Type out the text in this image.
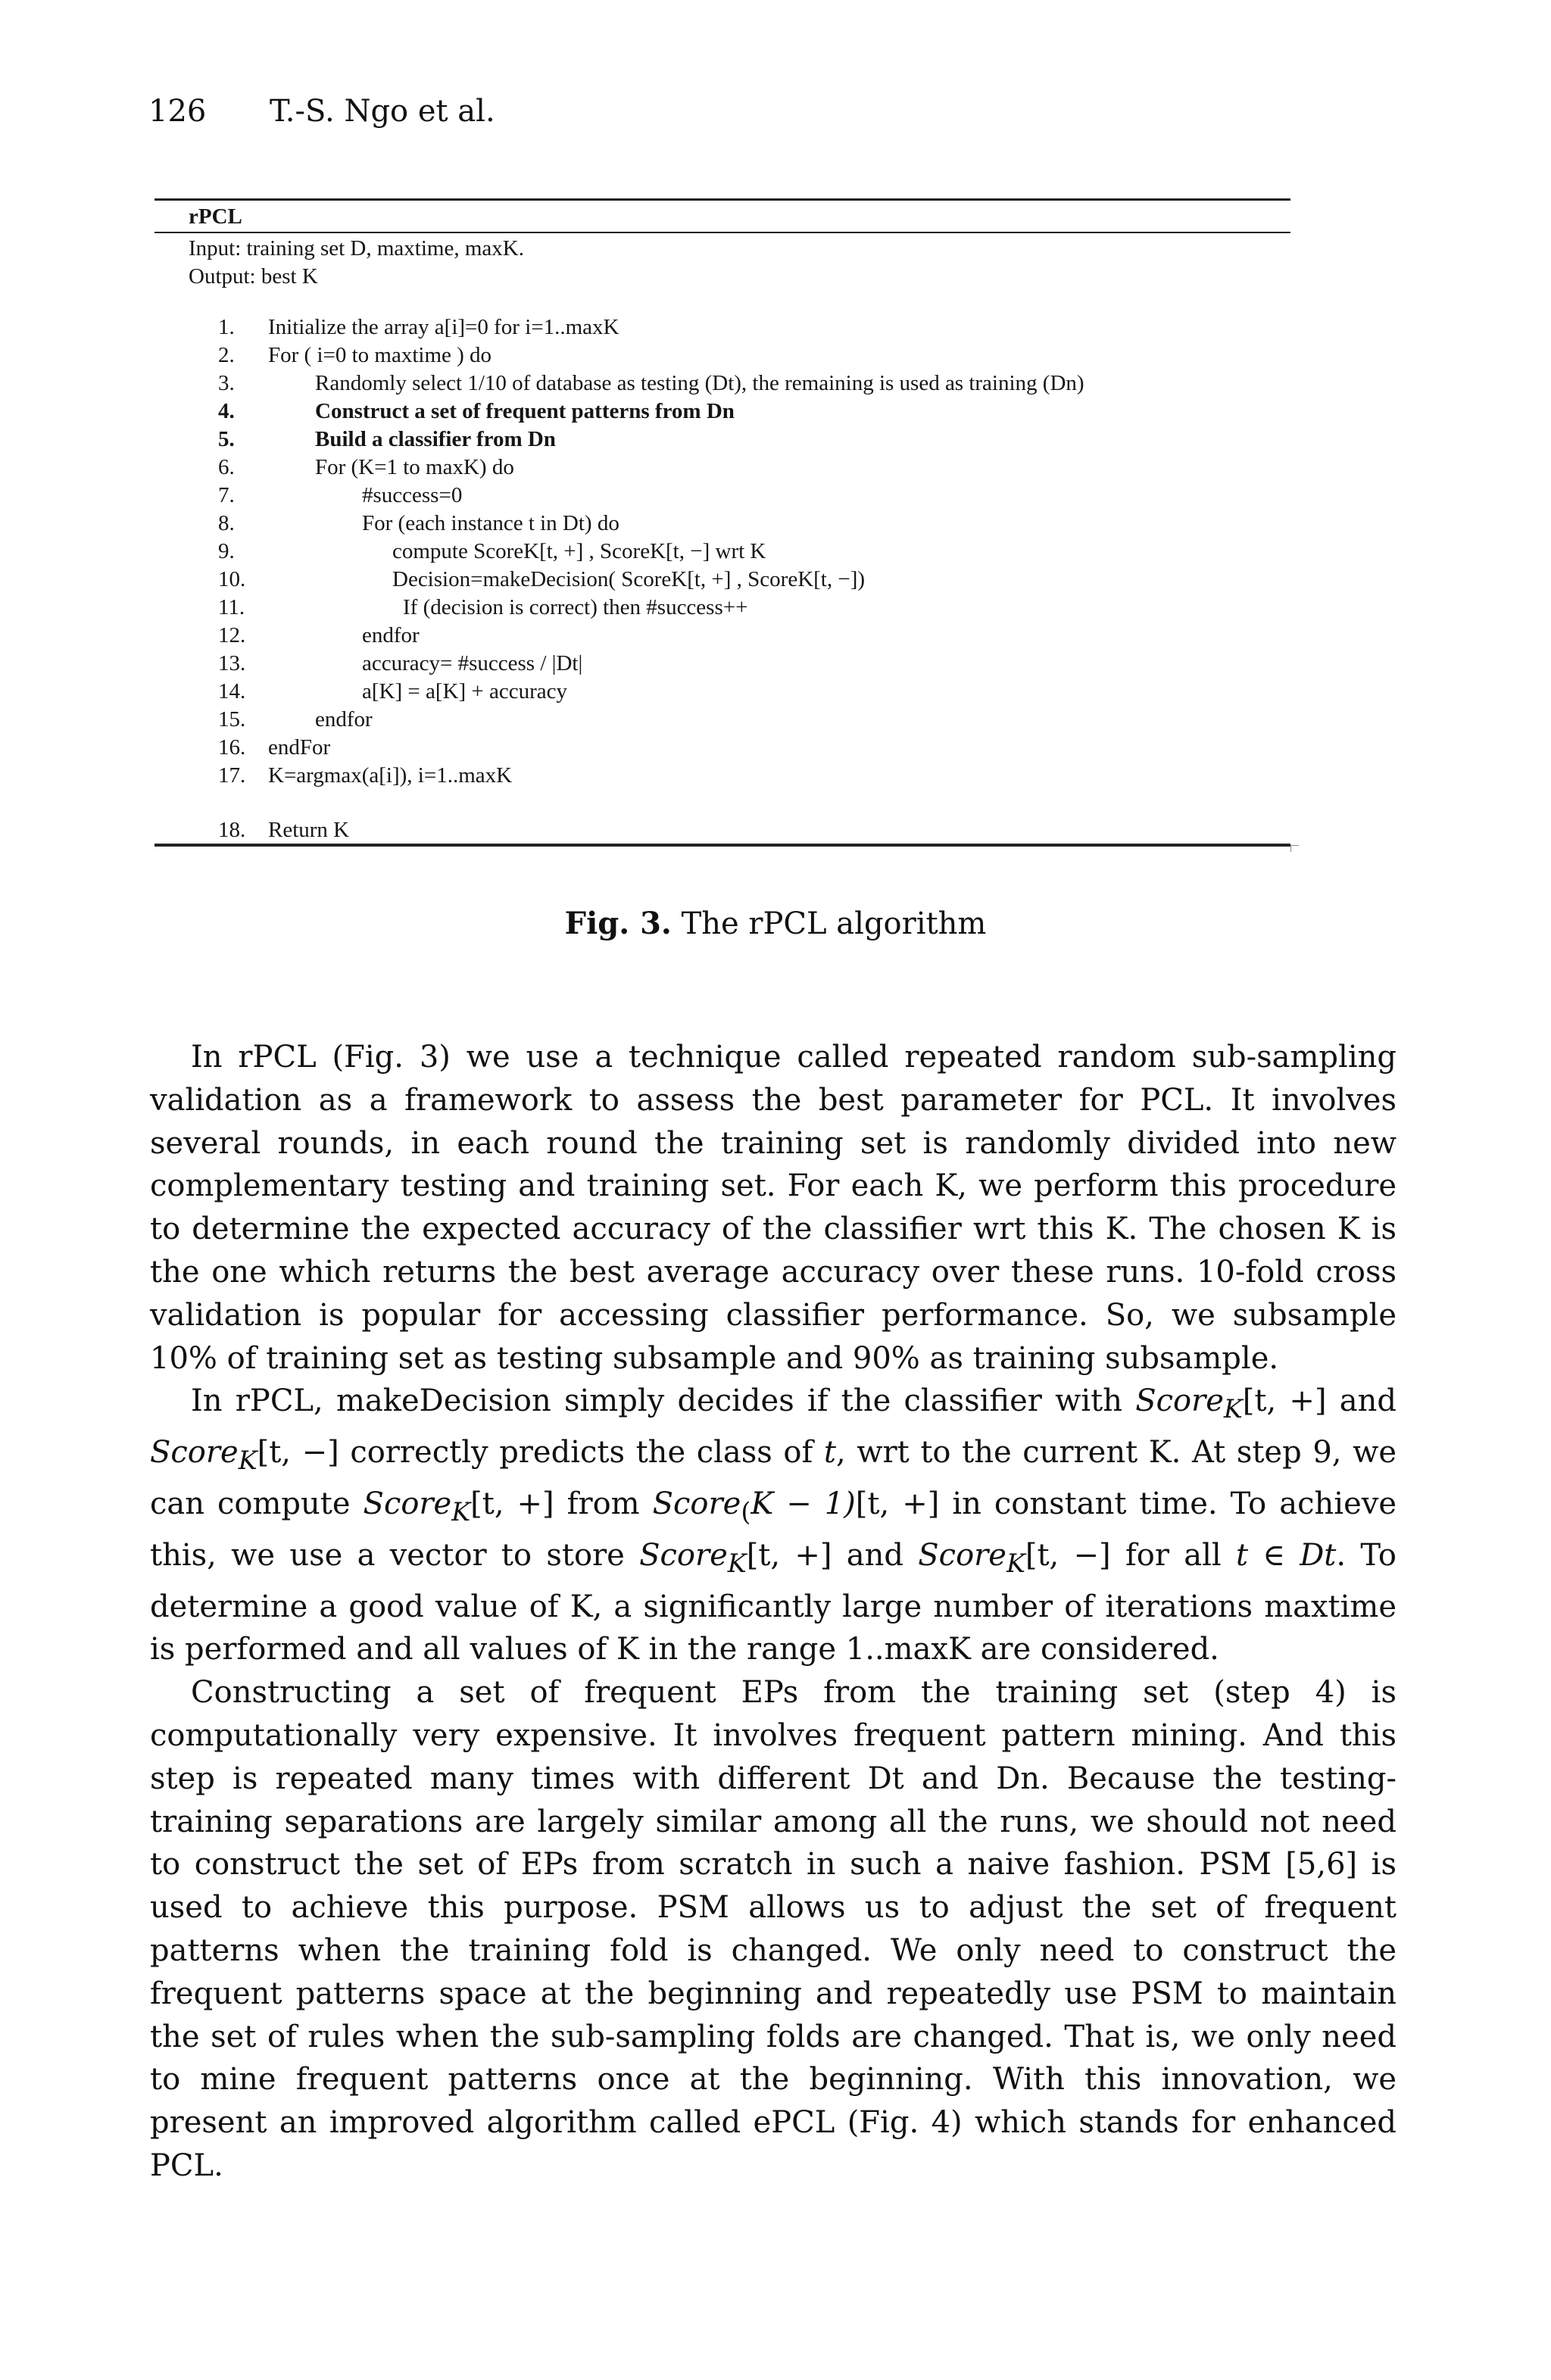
126 T.-S. Ngo et al.
rPCL
Input: training set D, maxtime, maxK.
Output: best K
1. Initialize the array a[i]=0 for i=1..maxK
2. For ( i=0 to maxtime ) do
3.	Randomly select 1/10 of database as testing (Dt), the remaining is used as training (Dn)
4.	Construct a set of frequent patterns from Dn
5.	Build a classifier from Dn
6.	For (K=1 to maxK) do
7.	#success=0
8.	For (each instance t in Dt) do
9.	compute ScoreK[t, +] , ScoreK[t, −] wrt K
10.	Decision=makeDecision( ScoreK[t, +] , ScoreK[t, −])
11.	If (decision is correct) then #success++
12.	endfor
13.	accuracy= #success / |Dt|
14.	a[K] = a[K] + accuracy
15.	endfor
16. endFor
17. K=argmax(a[i]), i=1..maxK
18. Return K
Fig. 3. The rPCL algorithm

In rPCL (Fig. 3) we use a technique called repeated random sub-sampling validation as a framework to assess the best parameter for PCL. It involves several rounds, in each round the training set is randomly divided into new complementary testing and training set. For each K, we perform this procedure to determine the expected accuracy of the classifier wrt this K. The chosen K is the one which returns the best average accuracy over these runs. 10-fold cross validation is popular for accessing classifier performance. So, we subsample 10% of training set as testing subsample and 90% as training subsample.

In rPCL, makeDecision simply decides if the classifier with Score$_K$[t, +] and Score$_K$[t, −] correctly predicts the class of t, wrt to the current K. At step 9, we can compute Score$_K$[t, +] from Score$_($K − 1)[t, +] in constant time. To achieve this, we use a vector to store Score$_K$[t, +] and Score$_K$[t, −] for all t ∈ Dt. To determine a good value of K, a significantly large number of iterations maxtime is performed and all values of K in the range 1..maxK are considered.

Constructing a set of frequent EPs from the training set (step 4) is computationally very expensive. It involves frequent pattern mining. And this step is repeated many times with different Dt and Dn. Because the testing-training separations are largely similar among all the runs, we should not need to construct the set of EPs from scratch in such a naive fashion. PSM [5,6] is used to achieve this purpose. PSM allows us to adjust the set of frequent patterns when the training fold is changed. We only need to construct the frequent patterns space at the beginning and repeatedly use PSM to maintain the set of rules when the sub-sampling folds are changed. That is, we only need to mine frequent patterns once at the beginning. With this innovation, we present an improved algorithm called ePCL (Fig. 4) which stands for enhanced PCL.
